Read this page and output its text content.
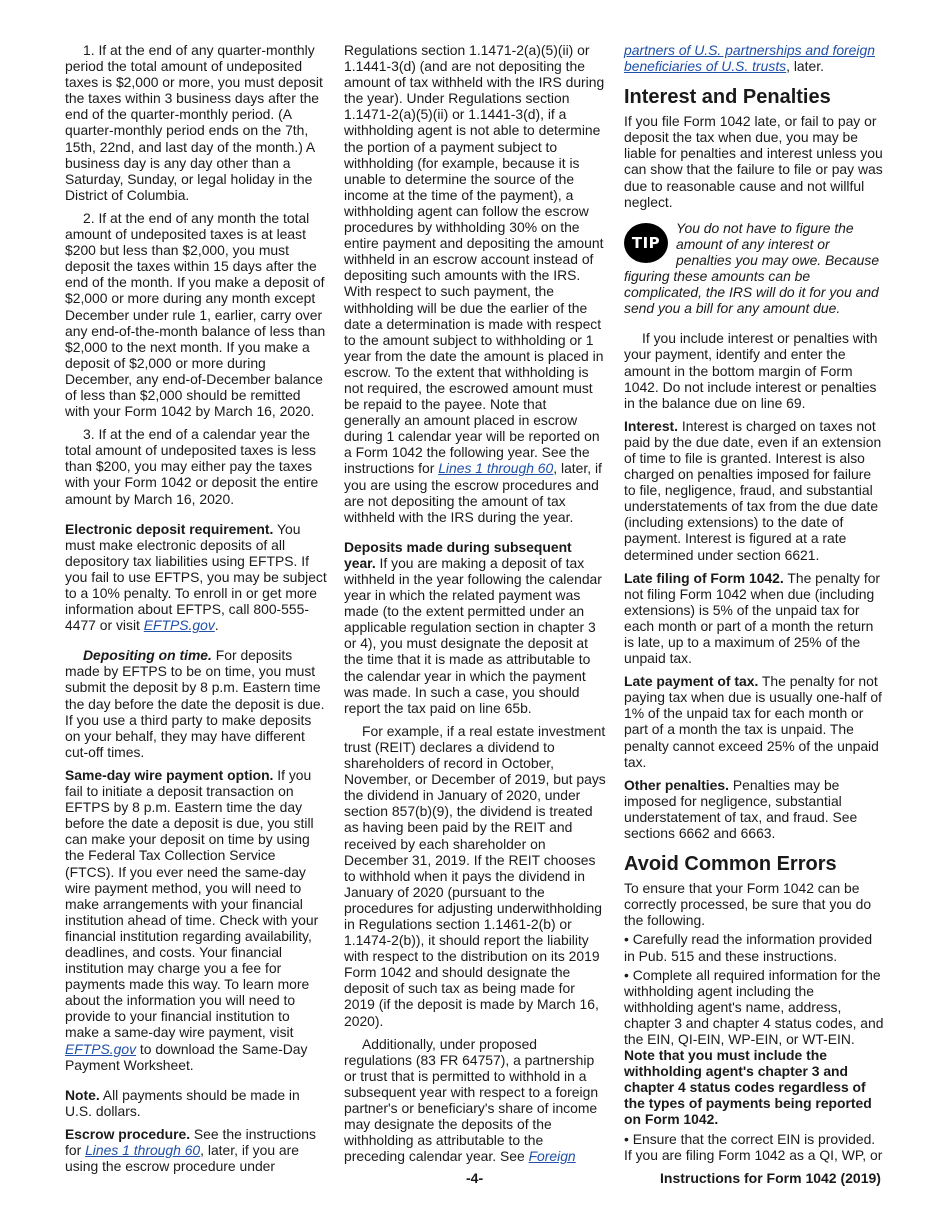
1. If at the end of any quarter-monthly period the total amount of undeposited taxes is $2,000 or more, you must deposit the taxes within 3 business days after the end of the quarter-monthly period. (A quarter-monthly period ends on the 7th, 15th, 22nd, and last day of the month.) A business day is any day other than a Saturday, Sunday, or legal holiday in the District of Columbia.

2. If at the end of any month the total amount of undeposited taxes is at least $200 but less than $2,000, you must deposit the taxes within 15 days after the end of the month. If you make a deposit of $2,000 or more during any month except December under rule 1, earlier, carry over any end-of-the-month balance of less than $2,000 to the next month. If you make a deposit of $2,000 or more during December, any end-of-December balance of less than $2,000 should be remitted with your Form 1042 by March 16, 2020.

3. If at the end of a calendar year the total amount of undeposited taxes is less than $200, you may either pay the taxes with your Form 1042 or deposit the entire amount by March 16, 2020.

Electronic deposit requirement. You must make electronic deposits of all depository tax liabilities using EFTPS. If you fail to use EFTPS, you may be subject to a 10% penalty. To enroll in or get more information about EFTPS, call 800-555-4477 or visit EFTPS.gov.

Depositing on time. For deposits made by EFTPS to be on time, you must submit the deposit by 8 p.m. Eastern time the day before the date the deposit is due. If you use a third party to make deposits on your behalf, they may have different cut-off times.

Same-day wire payment option. If you fail to initiate a deposit transaction on EFTPS by 8 p.m. Eastern time the day before the date a deposit is due, you still can make your deposit on time by using the Federal Tax Collection Service (FTCS). If you ever need the same-day wire payment method, you will need to make arrangements with your financial institution ahead of time. Check with your financial institution regarding availability, deadlines, and costs. Your financial institution may charge you a fee for payments made this way. To learn more about the information you will need to provide to your financial institution to make a same-day wire payment, visit EFTPS.gov to download the Same-Day Payment Worksheet.

Note. All payments should be made in U.S. dollars.

Escrow procedure. See the instructions for Lines 1 through 60, later, if you are using the escrow procedure under

Regulations section 1.1471-2(a)(5)(ii) or 1.1441-3(d) (and are not depositing the amount of tax withheld with the IRS during the year). Under Regulations section 1.1471-2(a)(5)(ii) or 1.1441-3(d), if a withholding agent is not able to determine the portion of a payment subject to withholding (for example, because it is unable to determine the source of the income at the time of the payment), a withholding agent can follow the escrow procedures by withholding 30% on the entire payment and depositing the amount withheld in an escrow account instead of depositing such amounts with the IRS. With respect to such payment, the withholding will be due the earlier of the date a determination is made with respect to the amount subject to withholding or 1 year from the date the amount is placed in escrow. To the extent that withholding is not required, the escrowed amount must be repaid to the payee. Note that generally an amount placed in escrow during 1 calendar year will be reported on a Form 1042 the following year. See the instructions for Lines 1 through 60, later, if you are using the escrow procedures and are not depositing the amount of tax withheld with the IRS during the year.

Deposits made during subsequent year. If you are making a deposit of tax withheld in the year following the calendar year in which the related payment was made (to the extent permitted under an applicable regulation section in chapter 3 or 4), you must designate the deposit at the time that it is made as attributable to the calendar year in which the payment was made. In such a case, you should report the tax paid on line 65b.

For example, if a real estate investment trust (REIT) declares a dividend to shareholders of record in October, November, or December of 2019, but pays the dividend in January of 2020, under section 857(b)(9), the dividend is treated as having been paid by the REIT and received by each shareholder on December 31, 2019. If the REIT chooses to withhold when it pays the dividend in January of 2020 (pursuant to the procedures for adjusting underwithholding in Regulations section 1.1461-2(b) or 1.1474-2(b)), it should report the liability with respect to the distribution on its 2019 Form 1042 and should designate the deposit of such tax as being made for 2019 (if the deposit is made by March 16, 2020).

Additionally, under proposed regulations (83 FR 64757), a partnership or trust that is permitted to withhold in a subsequent year with respect to a foreign partner's or beneficiary's share of income may designate the deposits of the withholding as attributable to the preceding calendar year. See Foreign

partners of U.S. partnerships and foreign beneficiaries of U.S. trusts, later.

Interest and Penalties

If you file Form 1042 late, or fail to pay or deposit the tax when due, you may be liable for penalties and interest unless you can show that the failure to file or pay was due to reasonable cause and not willful neglect.

TIP
You do not have to figure the amount of any interest or penalties you may owe. Because figuring these amounts can be complicated, the IRS will do it for you and send you a bill for any amount due.

If you include interest or penalties with your payment, identify and enter the amount in the bottom margin of Form 1042. Do not include interest or penalties in the balance due on line 69.

Interest. Interest is charged on taxes not paid by the due date, even if an extension of time to file is granted. Interest is also charged on penalties imposed for failure to file, negligence, fraud, and substantial understatements of tax from the due date (including extensions) to the date of payment. Interest is figured at a rate determined under section 6621.

Late filing of Form 1042. The penalty for not filing Form 1042 when due (including extensions) is 5% of the unpaid tax for each month or part of a month the return is late, up to a maximum of 25% of the unpaid tax.

Late payment of tax. The penalty for not paying tax when due is usually one-half of 1% of the unpaid tax for each month or part of a month the tax is unpaid. The penalty cannot exceed 25% of the unpaid tax.

Other penalties. Penalties may be imposed for negligence, substantial understatement of tax, and fraud. See sections 6662 and 6663.

Avoid Common Errors

To ensure that your Form 1042 can be correctly processed, be sure that you do the following.

• Carefully read the information provided in Pub. 515 and these instructions.

• Complete all required information for the withholding agent including the withholding agent's name, address, chapter 3 and chapter 4 status codes, and the EIN, QI-EIN, WP-EIN, or WT-EIN. Note that you must include the withholding agent's chapter 3 and chapter 4 status codes regardless of the types of payments being reported on Form 1042.

• Ensure that the correct EIN is provided. If you are filing Form 1042 as a QI, WP, or

-4-	Instructions for Form 1042 (2019)
